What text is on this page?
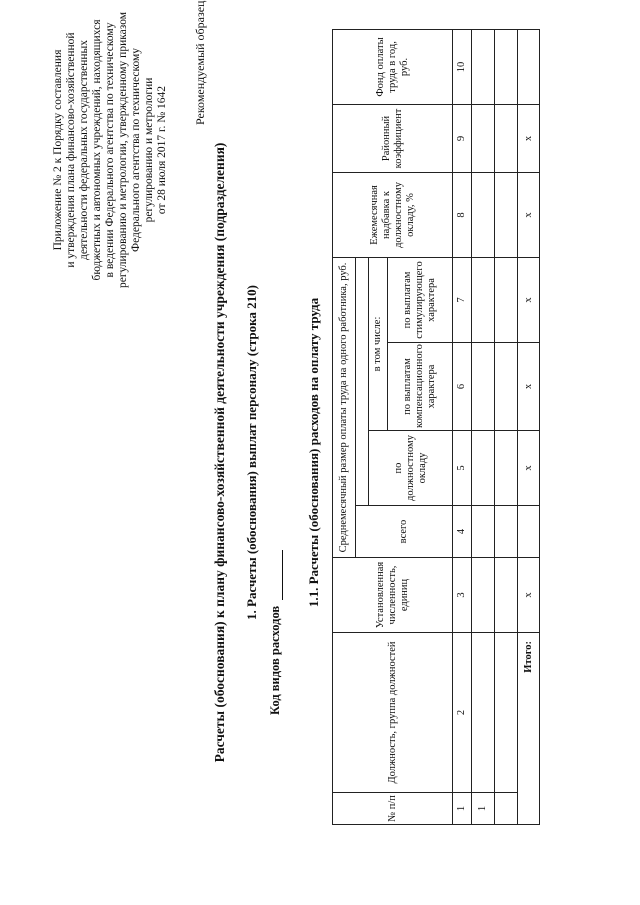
Приложение № 2 к Порядку составления и утверждения плана финансово-хозяйственной деятельности федеральных государственных бюджетных и автономных учреждений, находящихся в ведении Федерального агентства по техническому регулированию и метрологии, утвержденному приказом Федерального агентства по техническому регулированию и метрологии от 28 июля 2017 г. № 1642
Рекомендуемый образец
Расчеты (обоснования) к плану финансово-хозяйственной деятельности учреждения (подразделения) 1. Расчеты (обоснования) выплат персоналу (строка 210)
Код видов расходов
1.1. Расчеты (обоснования) расходов на оплату труда
№ п/п	Должность, группа должностей	Установленная численность, единиц	Среднемесячный размер оплаты труда на одного работника, руб.				Ежемесячная надбавка к должностному окладу, %	Районный коэффициент	Фонд оплаты труда в год, руб.
			всего						
				по должностному окладу	в том числе:				
					по выплатам компенсационного характера	по выплатам стимулирующего характера			
1	2	3	4	5	6	7	8	9	10
1									

Итого:		x		x	x	x	x	x	
